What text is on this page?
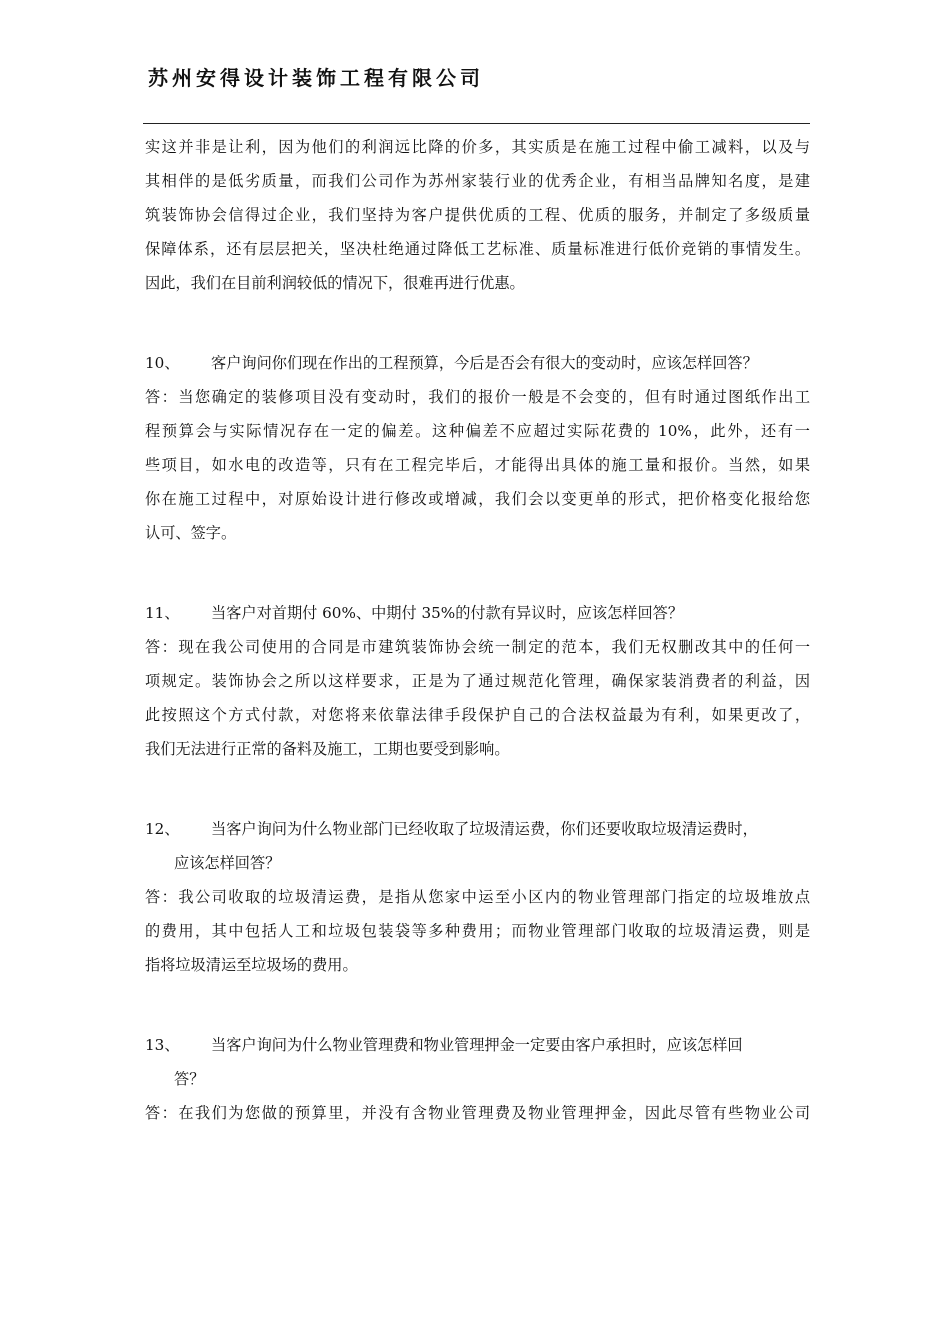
苏州安得设计装饰工程有限公司
实这并非是让利，因为他们的利润远比降的价多，其实质是在施工过程中偷工减料，以及与
其相伴的是低劣质量，而我们公司作为苏州家装行业的优秀企业，有相当品牌知名度，是建
筑装饰协会信得过企业，我们坚持为客户提供优质的工程、优质的服务，并制定了多级质量
保障体系，还有层层把关，坚决杜绝通过降低工艺标准、质量标准进行低价竞销的事情发生。
因此，我们在目前利润较低的情况下，很难再进行优惠。
10、	客户询问你们现在作出的工程预算，今后是否会有很大的变动时，应该怎样回答？
答：当您确定的装修项目没有变动时，我们的报价一般是不会变的，但有时通过图纸作出工
程预算会与实际情况存在一定的偏差。这种偏差不应超过实际花费的 10%，此外，还有一
些项目，如水电的改造等，只有在工程完毕后，才能得出具体的施工量和报价。当然，如果
你在施工过程中，对原始设计进行修改或增减，我们会以变更单的形式，把价格变化报给您
认可、签字。
11、	当客户对首期付 60%、中期付 35%的付款有异议时，应该怎样回答？
答：现在我公司使用的合同是市建筑装饰协会统一制定的范本，我们无权删改其中的任何一
项规定。装饰协会之所以这样要求，正是为了通过规范化管理，确保家装消费者的利益，因
此按照这个方式付款，对您将来依靠法律手段保护自己的合法权益最为有利，如果更改了，
我们无法进行正常的备料及施工，工期也要受到影响。
12、	当客户询问为什么物业部门已经收取了垃圾清运费，你们还要收取垃圾清运费时，
应该怎样回答？
答：我公司收取的垃圾清运费，是指从您家中运至小区内的物业管理部门指定的垃圾堆放点
的费用，其中包括人工和垃圾包装袋等多种费用；而物业管理部门收取的垃圾清运费，则是
指将垃圾清运至垃圾场的费用。
13、	当客户询问为什么物业管理费和物业管理押金一定要由客户承担时，应该怎样回
答？
答：在我们为您做的预算里，并没有含物业管理费及物业管理押金，因此尽管有些物业公司
